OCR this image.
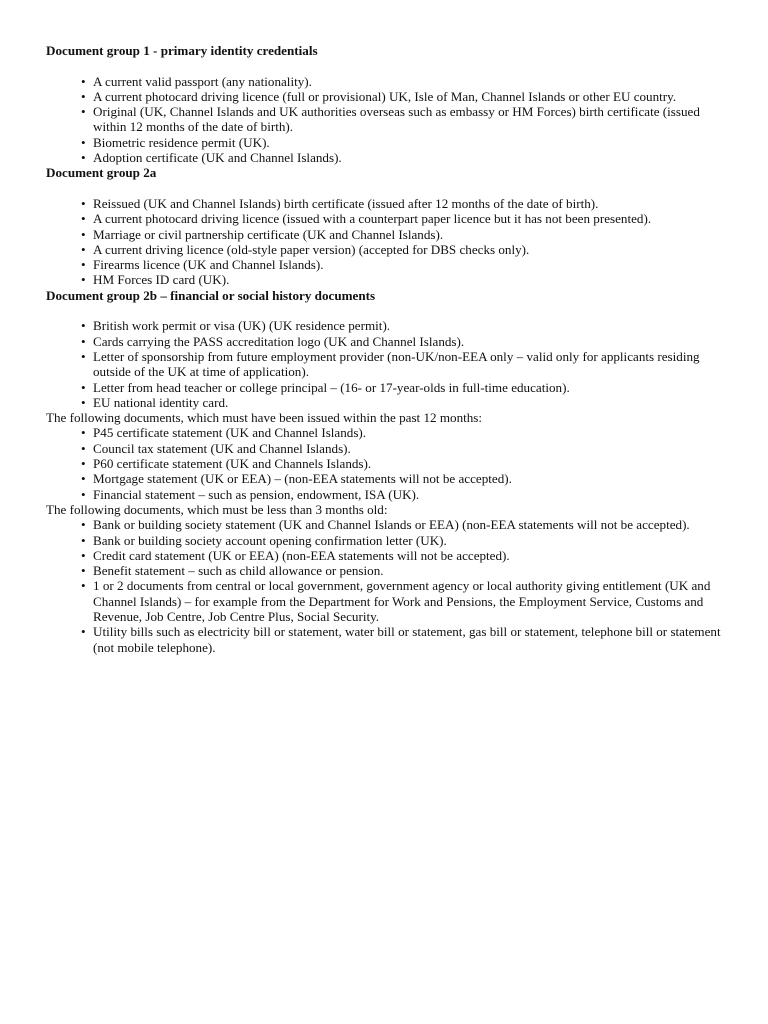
Document group 1 - primary identity credentials
• A current valid passport (any nationality).
• A current photocard driving licence (full or provisional) UK, Isle of Man, Channel Islands or other EU country.
• Original (UK, Channel Islands and UK authorities overseas such as embassy or HM Forces) birth certificate (issued within 12 months of the date of birth).
• Biometric residence permit (UK).
• Adoption certificate (UK and Channel Islands).
Document group 2a
• Reissued (UK and Channel Islands) birth certificate (issued after 12 months of the date of birth).
• A current photocard driving licence (issued with a counterpart paper licence but it has not been presented).
• Marriage or civil partnership certificate (UK and Channel Islands).
• A current driving licence (old-style paper version) (accepted for DBS checks only).
• Firearms licence (UK and Channel Islands).
• HM Forces ID card (UK).
Document group 2b – financial or social history documents
• British work permit or visa (UK) (UK residence permit).
• Cards carrying the PASS accreditation logo (UK and Channel Islands).
• Letter of sponsorship from future employment provider (non-UK/non-EEA only – valid only for applicants residing outside of the UK at time of application).
• Letter from head teacher or college principal – (16- or 17-year-olds in full-time education).
• EU national identity card.

The following documents, which must have been issued within the past 12 months:

• P45 certificate statement (UK and Channel Islands).
• Council tax statement (UK and Channel Islands).
• P60 certificate statement (UK and Channels Islands).
• Mortgage statement (UK or EEA) – (non-EEA statements will not be accepted).
• Financial statement – such as pension, endowment, ISA (UK).

The following documents, which must be less than 3 months old:

• Bank or building society statement (UK and Channel Islands or EEA) (non-EEA statements will not be accepted).
• Bank or building society account opening confirmation letter (UK).
• Credit card statement (UK or EEA) (non-EEA statements will not be accepted).
• Benefit statement – such as child allowance or pension.
• 1 or 2 documents from central or local government, government agency or local authority giving entitlement (UK and Channel Islands) – for example from the Department for Work and Pensions, the Employment Service, Customs and Revenue, Job Centre, Job Centre Plus, Social Security.
• Utility bills such as electricity bill or statement, water bill or statement, gas bill or statement, telephone bill or statement (not mobile telephone).
